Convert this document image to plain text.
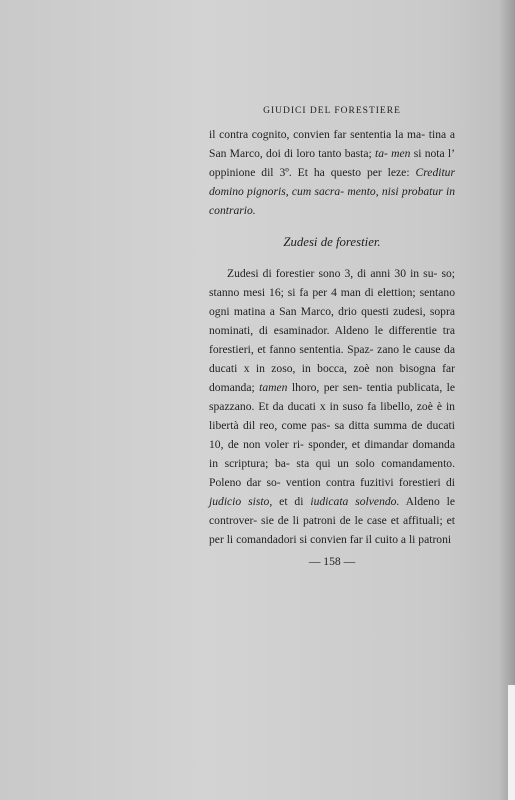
GIUDICI DEL FORESTIERE
il contra cognito, convien far sententia la ma- tina a San Marco, doi di loro tanto basta; ta- men si nota l’ oppinione dil 3º. Et ha questo per leze: Creditur domino pignoris, cum sacra- mento, nisi probatur in contrario.
Zudesi de forestier.
Zudesi di forestier sono 3, di anni 30 in su- so; stanno mesi 16; si fa per 4 man di elettion; sentano ogni matina a San Marco, drio questi zudesi, sopra nominati, di esaminador. Aldeno le differentie tra forestieri, et fanno sententia. Spaz- zano le cause da ducati x in zoso, in bocca, zoè non bisogna far domanda; tamen lhoro, per sen- tentia publicata, le spazzano. Et da ducati x in suso fa libello, zoè è in libertà dil reo, come pas- sa ditta summa de ducati 10, de non voler ri- sponder, et dimandar domanda in scriptura; ba- sta qui un solo comandamento. Poleno dar so- vention contra fuzitivi forestieri di judicio sisto, et di iudicata solvendo. Aldeno le controver- sie de li patroni de le case et affituali; et per li comandadori si convien far il cuito a li patroni
— 158 —
